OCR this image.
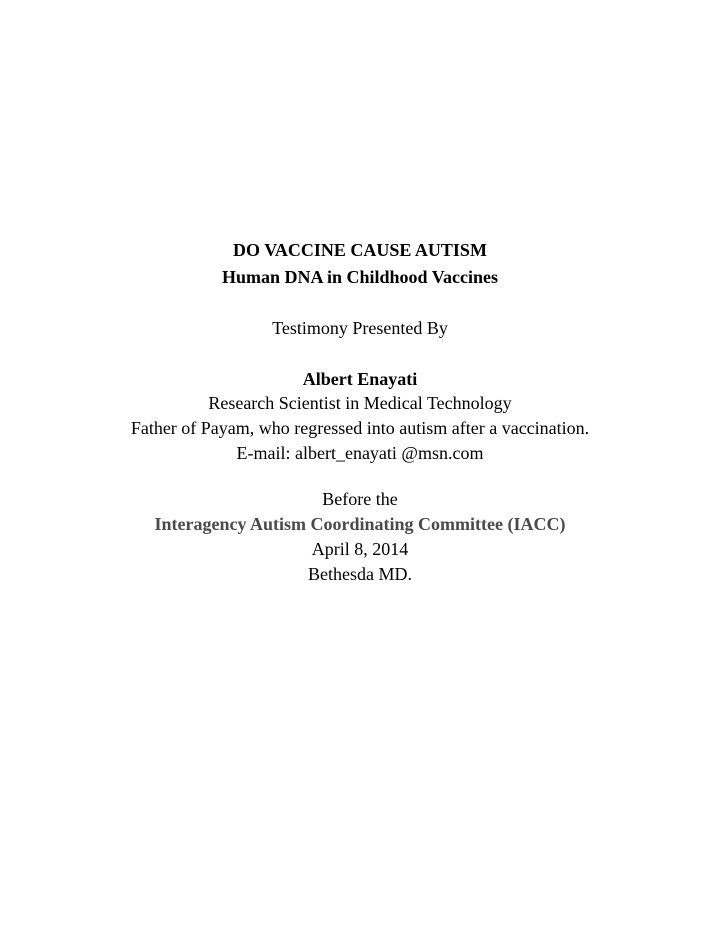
DO VACCINE CAUSE AUTISM
Human DNA in Childhood Vaccines
Testimony Presented By
Albert Enayati
Research Scientist in Medical Technology
Father of Payam, who regressed into autism after a vaccination.
E-mail: albert_enayati @msn.com
Before the
Interagency Autism Coordinating Committee (IACC)
April 8, 2014
Bethesda MD.
